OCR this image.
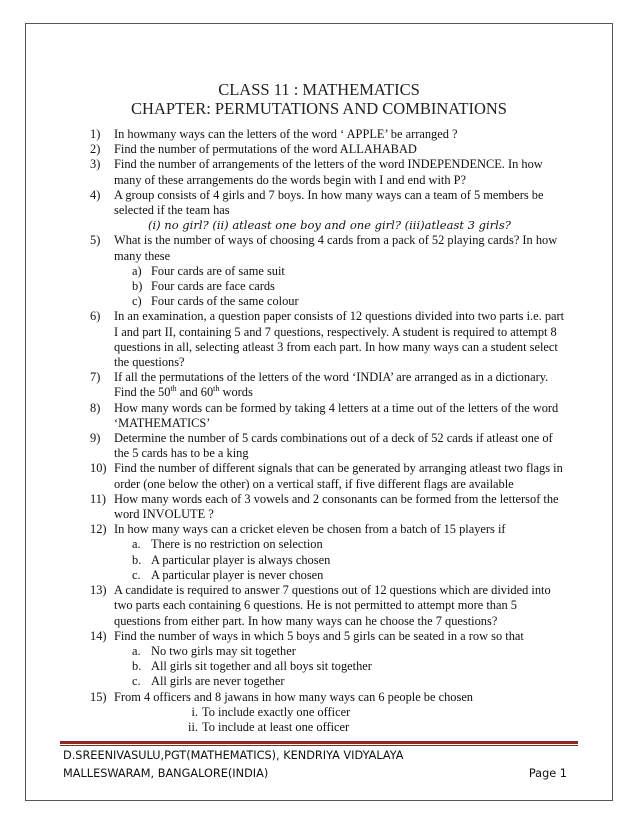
CLASS 11 : MATHEMATICS
CHAPTER: PERMUTATIONS AND COMBINATIONS
1) In howmany ways can the letters of the word ‘ APPLE’ be arranged ?
2) Find the number of permutations of the word ALLAHABAD
3) Find the number of arrangements of the letters of the word INDEPENDENCE. In how many of these arrangements do the words begin with I and end with P?
4) A group consists of 4 girls and 7 boys. In how many ways can a team of 5 members be selected if the team has
(i) no girl? (ii) atleast one boy and one girl? (iii)atleast 3 girls?
5) What is the number of ways of choosing 4 cards from a pack of 52 playing cards? In how many these
a) Four cards are of same suit
b) Four cards are face cards
c) Four cards of the same colour
6) In an examination, a question paper consists of 12 questions divided into two parts i.e. part I and part II, containing 5 and 7 questions, respectively. A student is required to attempt 8 questions in all, selecting atleast 3 from each part. In how many ways can a student select the questions?
7) If all the permutations of the letters of the word ‘INDIA’ are arranged as in a dictionary. Find the 50th and 60th words
8) How many words can be formed by taking 4 letters at a time out of the letters of the word ‘MATHEMATICS’
9) Determine the number of 5 cards combinations out of a deck of 52 cards if atleast one of the 5 cards has to be a king
10) Find the number of different signals that can be generated by arranging atleast two flags in order (one below the other) on a vertical staff, if five different flags are available
11) How many words each of 3 vowels and 2 consonants can be formed from the lettersof the word INVOLUTE ?
12) In how many ways can a cricket eleven be chosen from a batch of 15 players if
a. There is no restriction on selection
b. A particular player is always chosen
c. A particular player is never chosen
13) A candidate is required to answer 7 questions out of 12 questions which are divided into two parts each containing 6 questions. He is not permitted to attempt more than 5 questions from either part. In how many ways can he choose the 7 questions?
14) Find the number of ways in which 5 boys and 5 girls can be seated in a row so that
a. No two girls may sit together
b. All girls sit together and all boys sit together
c. All girls are never together
15) From 4 officers and 8 jawans in how many ways can 6 people be chosen
i. To include exactly one officer
ii. To include at least one officer
D.SREENIVASULU,PGT(MATHEMATICS), KENDRIYA VIDYALAYA
MALLESWARAM, BANGALORE(INDIA)	Page 1
